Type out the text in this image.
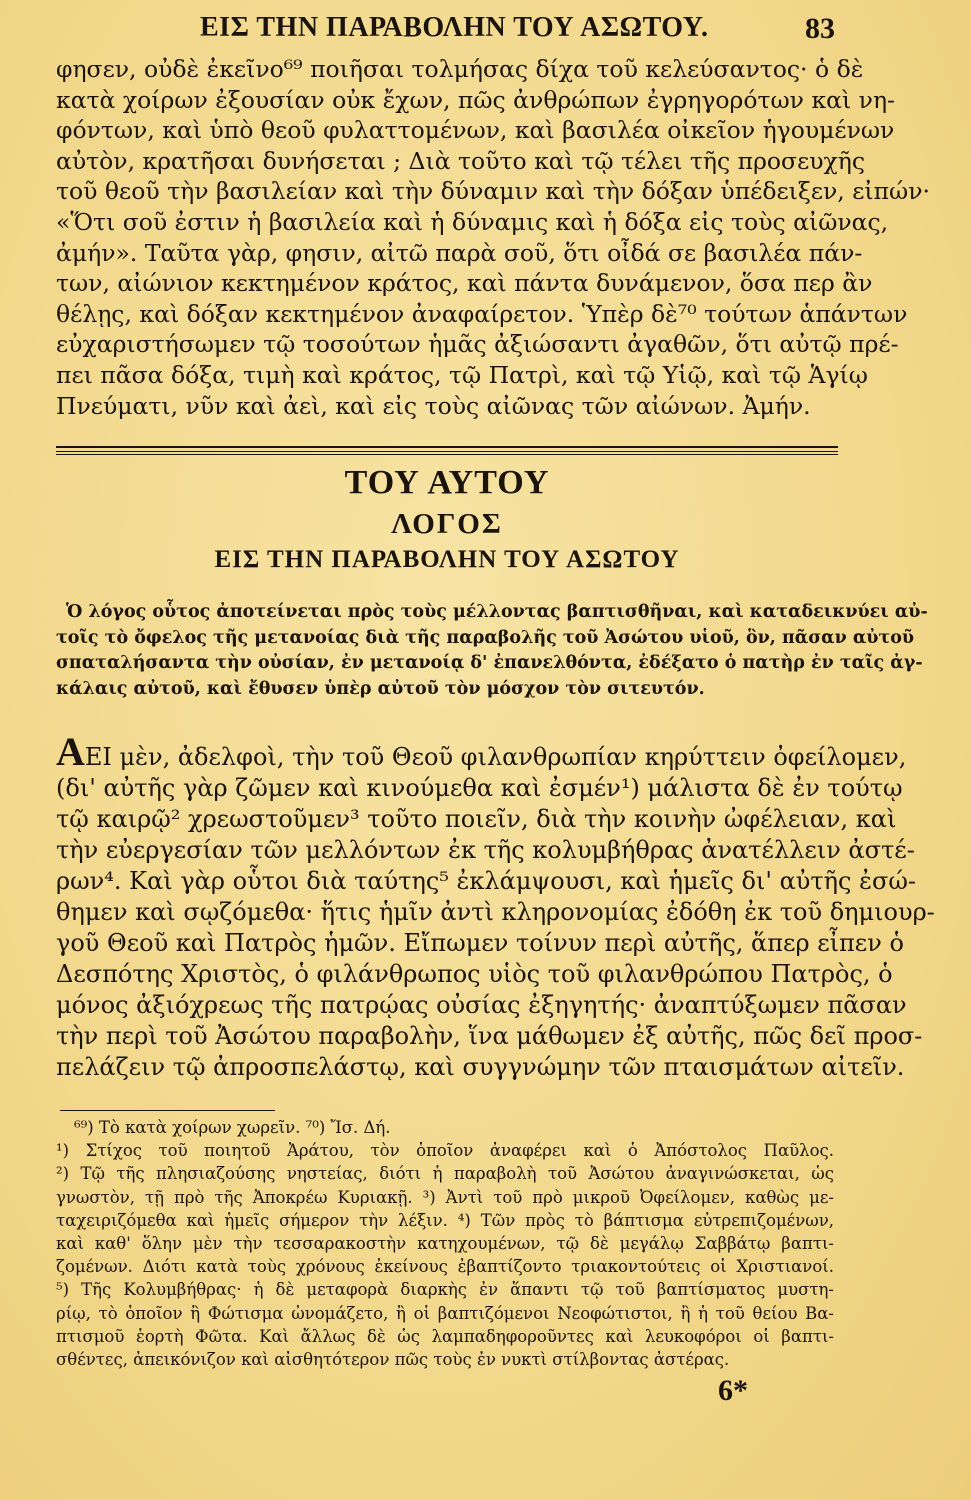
ΕΙΣ ΤΗΝ ΠΑΡΑΒΟΛΗΝ ΤΟΥ ΑΣΩΤΟΥ.	83
φησεν, οὐδὲ ἐκεῖνο⁶⁹ ποιῆσαι τολμήσας δίχα τοῦ κελεύσαντος· ὁ δὲ
κατὰ χοίρων ἐξουσίαν οὐκ ἔχων, πῶς ἀνθρώπων ἐγρηγορότων καὶ νη-
φόντων, καὶ ὑπὸ θεοῦ φυλαττομένων, καὶ βασιλέα οἰκεῖον ἡγουμένων
αὐτὸν, κρατῆσαι δυνήσεται ; Διὰ τοῦτο καὶ τῷ τέλει τῆς προσευχῆς
τοῦ θεοῦ τὴν βασιλείαν καὶ τὴν δύναμιν καὶ τὴν δόξαν ὑπέδειξεν, εἰπών·
«Ὅτι σοῦ ἐστιν ἡ βασιλεία καὶ ἡ δύναμις καὶ ἡ δόξα εἰς τοὺς αἰῶνας,
ἀμήν». Ταῦτα γὰρ, φησιν, αἰτῶ παρὰ σοῦ, ὅτι οἶδά σε βασιλέα πάν-
των, αἰώνιον κεκτημένον κράτος, καὶ πάντα δυνάμενον, ὅσα περ ἂν
θέλῃς, καὶ δόξαν κεκτημένον ἀναφαίρετον. Ὑπὲρ δὲ⁷⁰ τούτων ἁπάντων
εὐχαριστήσωμεν τῷ τοσούτων ἡμᾶς ἀξιώσαντι ἀγαθῶν, ὅτι αὐτῷ πρέ-
πει πᾶσα δόξα, τιμὴ καὶ κράτος, τῷ Πατρὶ, καὶ τῷ Υἱῷ, καὶ τῷ Ἁγίῳ
Πνεύματι, νῦν καὶ ἀεὶ, καὶ εἰς τοὺς αἰῶνας τῶν αἰώνων. Ἀμήν.
ΤΟΥ ΑΥΤΟΥ
ΛΟΓΟΣ
ΕΙΣ ΤΗΝ ΠΑΡΑΒΟΛΗΝ ΤΟΥ ΑΣΩΤΟΥ
Ὁ λόγος οὗτος ἀποτείνεται πρὸς τοὺς μέλλοντας βαπτισθῆναι, καὶ καταδεικνύει αὐ-
τοῖς τὸ ὄφελος τῆς μετανοίας διὰ τῆς παραβολῆς τοῦ Ἀσώτου υἱοῦ, ὃν, πᾶσαν αὐτοῦ
σπαταλήσαντα τὴν οὐσίαν, ἐν μετανοίᾳ δ' ἐπανελθόντα, ἐδέξατο ὁ πατὴρ ἐν ταῖς ἀγ-
κάλαις αὐτοῦ, καὶ ἔθυσεν ὑπὲρ αὐτοῦ τὸν μόσχον τὸν σιτευτόν.
ΑΕΙ μὲν, ἀδελφοὶ, τὴν τοῦ Θεοῦ φιλανθρωπίαν κηρύττειν ὀφείλομεν,
(δι' αὐτῆς γὰρ ζῶμεν καὶ κινούμεθα καὶ ἐσμέν¹) μάλιστα δὲ ἐν τούτῳ
τῷ καιρῷ² χρεωστοῦμεν³ τοῦτο ποιεῖν, διὰ τὴν κοινὴν ὠφέλειαν, καὶ
τὴν εὐεργεσίαν τῶν μελλόντων ἐκ τῆς κολυμβήθρας ἀνατέλλειν ἀστέ-
ρων⁴. Καὶ γὰρ οὗτοι διὰ ταύτης⁵ ἐκλάμψουσι, καὶ ἡμεῖς δι' αὐτῆς ἐσώ-
θημεν καὶ σῳζόμεθα· ἥτις ἡμῖν ἀντὶ κληρονομίας ἐδόθη ἐκ τοῦ δημιουρ-
γοῦ Θεοῦ καὶ Πατρὸς ἡμῶν. Εἴπωμεν τοίνυν περὶ αὐτῆς, ἅπερ εἶπεν ὁ
Δεσπότης Χριστὸς, ὁ φιλάνθρωπος υἱὸς τοῦ φιλανθρώπου Πατρὸς, ὁ
μόνος ἀξιόχρεως τῆς πατρῴας οὐσίας ἐξηγητής· ἀναπτύξωμεν πᾶσαν
τὴν περὶ τοῦ Ἀσώτου παραβολὴν, ἵνα μάθωμεν ἐξ αὐτῆς, πῶς δεῖ προσ-
πελάζειν τῷ ἀπροσπελάστῳ, καὶ συγγνώμην τῶν πταισμάτων αἰτεῖν.
⁶⁹) Τὸ κατὰ χοίρων χωρεῖν. ⁷⁰) Ἴσ. Δή.
¹) Στίχος τοῦ ποιητοῦ Ἀράτου, τὸν ὁποῖον ἀναφέρει καὶ ὁ Ἀπόστολος Παῦλος.
²) Τῷ τῆς πλησιαζούσης νηστείας, διότι ἡ παραβολὴ τοῦ Ἀσώτου ἀναγινώσκεται, ὡς
γνωστὸν, τῇ πρὸ τῆς Ἀποκρέω Κυριακῇ. ³) Ἀντὶ τοῦ πρὸ μικροῦ Ὀφείλομεν, καθὼς με-
ταχειριζόμεθα καὶ ἡμεῖς σήμερον τὴν λέξιν. ⁴) Τῶν πρὸς τὸ βάπτισμα εὐτρεπιζομένων,
καὶ καθ' ὅλην μὲν τὴν τεσσαρακοστὴν κατηχουμένων, τῷ δὲ μεγάλῳ Σαββάτῳ βαπτι-
ζομένων. Διότι κατὰ τοὺς χρόνους ἐκείνους ἐβαπτίζοντο τριακοντούτεις οἱ Χριστιανοί.
⁵) Τῆς Κολυμβήθρας· ἡ δὲ μεταφορὰ διαρκὴς ἐν ἅπαντι τῷ τοῦ βαπτίσματος μυστη-
ρίῳ, τὸ ὁποῖον ἢ Φώτισμα ὠνομάζετο, ἢ οἱ βαπτιζόμενοι Νεοφώτιστοι, ἢ ἡ τοῦ θείου Βα-
πτισμοῦ ἑορτὴ Φῶτα. Καὶ ἄλλως δὲ ὡς λαμπαδηφοροῦντες καὶ λευκοφόροι οἱ βαπτι-
σθέντες, ἀπεικόνιζον καὶ αἰσθητότερον πῶς τοὺς ἐν νυκτὶ στίλβοντας ἀστέρας.
6*
